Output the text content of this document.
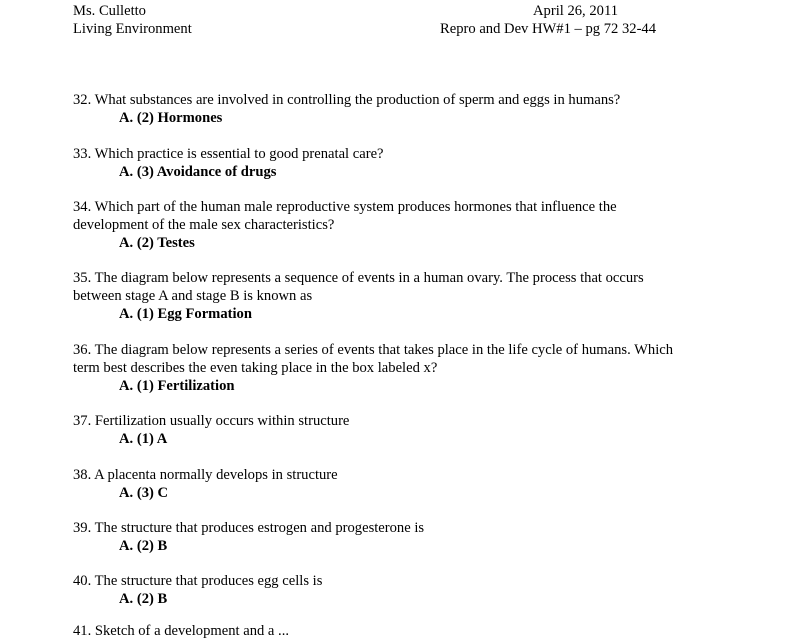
Ms. Culletto
Living Environment
April 26, 2011
Repro and Dev HW#1 – pg 72 32-44
32. What substances are involved in controlling the production of sperm and eggs in humans?
A. (2) Hormones
33. Which practice is essential to good prenatal care?
A. (3) Avoidance of drugs
34. Which part of the human male reproductive system produces hormones that influence the
development of the male sex characteristics?
A. (2) Testes
35. The diagram below represents a sequence of events in a human ovary. The process that occurs
between stage A and stage B is known as
A. (1) Egg Formation
36. The diagram below represents a series of events that takes place in the life cycle of humans. Which
term best describes the even taking place in the box labeled x?
A. (1) Fertilization
37. Fertilization usually occurs within structure
A. (1) A
38. A placenta normally develops in structure
A. (3) C
39. The structure that produces estrogen and progesterone is
A. (2) B
40. The structure that produces egg cells is
A. (2) B
41. Sketch of a development and a ...
